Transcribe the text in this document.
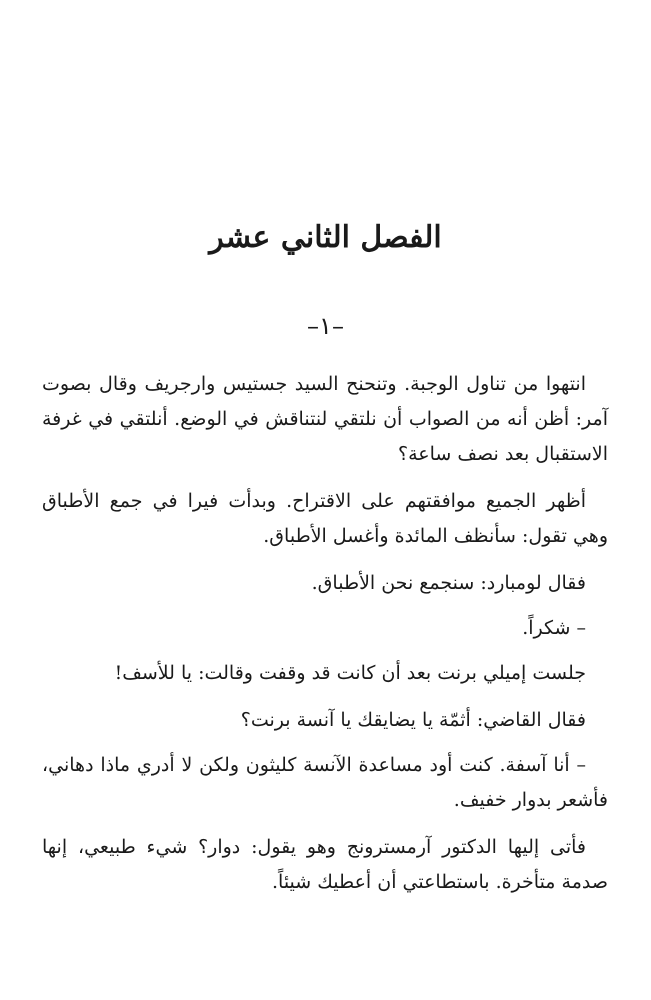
الفصل الثاني عشر
–١–

انتهوا من تناول الوجبة. وتنحنح السيد جستيس وارجريف وقال بصوت آمر: أظن أنه من الصواب أن نلتقي لنتناقش في الوضع. أنلتقي في غرفة الاستقبال بعد نصف ساعة؟

أظهر الجميع موافقتهم على الاقتراح. وبدأت فيرا في جمع الأطباق وهي تقول: سأنظف المائدة وأغسل الأطباق.

فقال لومبارد: سنجمع نحن الأطباق.

– شكراً.

جلست إميلي برنت بعد أن كانت قد وقفت وقالت: يا للأسف!

فقال القاضي: أثمّة يا يضايقك يا آنسة برنت؟

– أنا آسفة. كنت أود مساعدة الآنسة كليثون ولكن لا أدري ماذا دهاني، فأشعر بدوار خفيف.

فأتى إليها الدكتور آرمسترونج وهو يقول: دوار؟ شيء طبيعي، إنها صدمة متأخرة. باستطاعتي أن أعطيك شيئاً.
